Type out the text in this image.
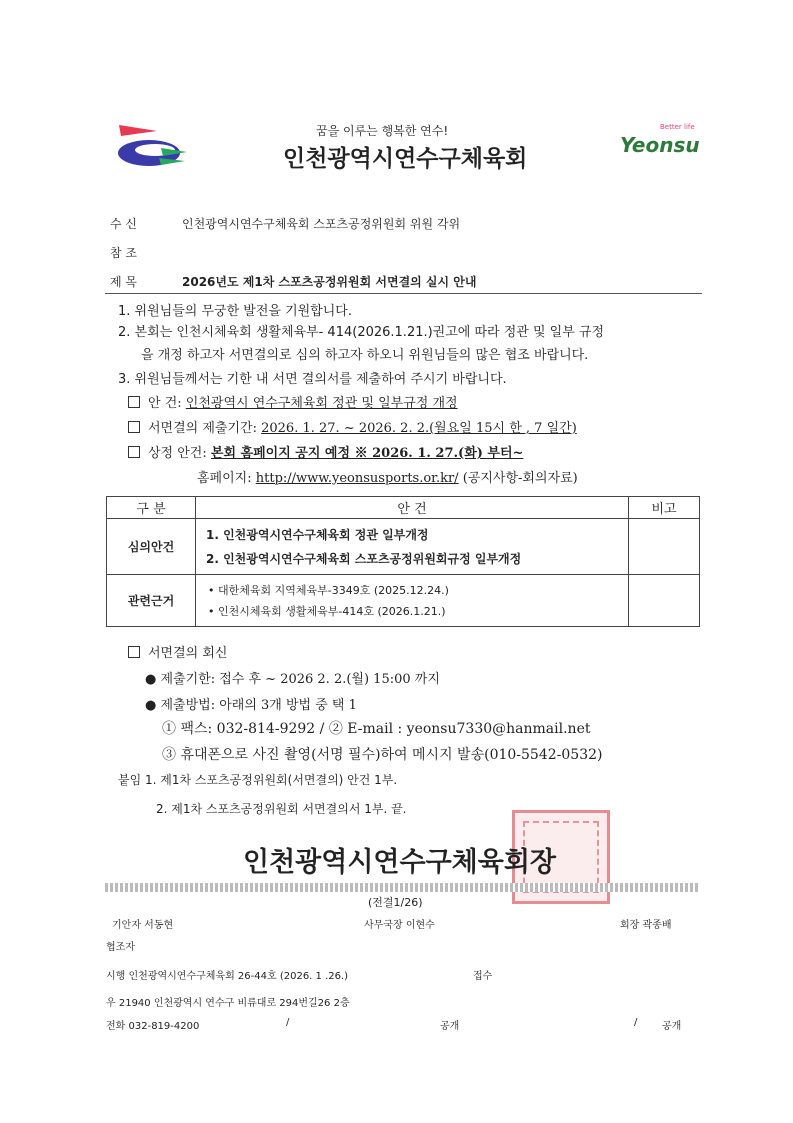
꿈을 이루는 행복한 연수!
인천광역시연수구체육회
Better life
Yeonsu
수 신	인천광역시연수구체육회 스포츠공정위원회 위원 각위
참 조
제 목	2026년도 제1차 스포츠공정위원회 서면결의 실시 안내
1. 위원님들의 무궁한 발전을 기원합니다.
2. 본회는 인천시체육회 생활체육부- 414(2026.1.21.)권고에 따라 정관 및 일부 규정
을 개정 하고자 서면결의로 심의 하고자 하오니 위원님들의 많은 협조 바랍니다.
3. 위원님들께서는 기한 내 서면 결의서를 제출하여 주시기 바랍니다.
안 건: 인천광역시 연수구체육회 정관 및 일부규정 개정
서면결의 제출기간: 2026. 1. 27. ~ 2026. 2. 2.(월요일 15시 한 , 7 일간)
상정 안건: 본회 홈페이지 공지 예정 ※ 2026. 1. 27.(화) 부터~
홈페이지: http://www.yeonsusports.or.kr/ (공지사항-회의자료)
구 분	안 건	비고
심의안건	1. 인천광역시연수구체육회 정관 일부개정
2. 인천광역시연수구체육회 스포츠공정위원회규정 일부개정	

관련근거	• 대한체육회 지역체육부-3349호 (2025.12.24.)
• 인천시체육회 생활체육부-414호 (2026.1.21.)	

서면결의 회신
● 제출기한: 접수 후 ~ 2026 2. 2.(월) 15:00 까지
● 제출방법: 아래의 3개 방법 중 택 1
① 팩스: 032-814-9292 / ② E-mail : yeonsu7330@hanmail.net
③ 휴대폰으로 사진 촬영(서명 필수)하여 메시지 발송(010-5542-0532)
붙임 1. 제1차 스포츠공정위원회(서면결의) 안건 1부.
2. 제1차 스포츠공정위원회 서면결의서 1부. 끝.
인천광역시연수구체육회장
(전결1/26)
기안자 서동현	사무국장 이현수	회장 곽종배
협조자
시행 인천광역시연수구체육회 26-44호 (2026. 1 .26.)	접수
우 21940 인천광역시 연수구 비류대로 294번길26 2층
전화 032-819-4200	/	공개	/ 공개
